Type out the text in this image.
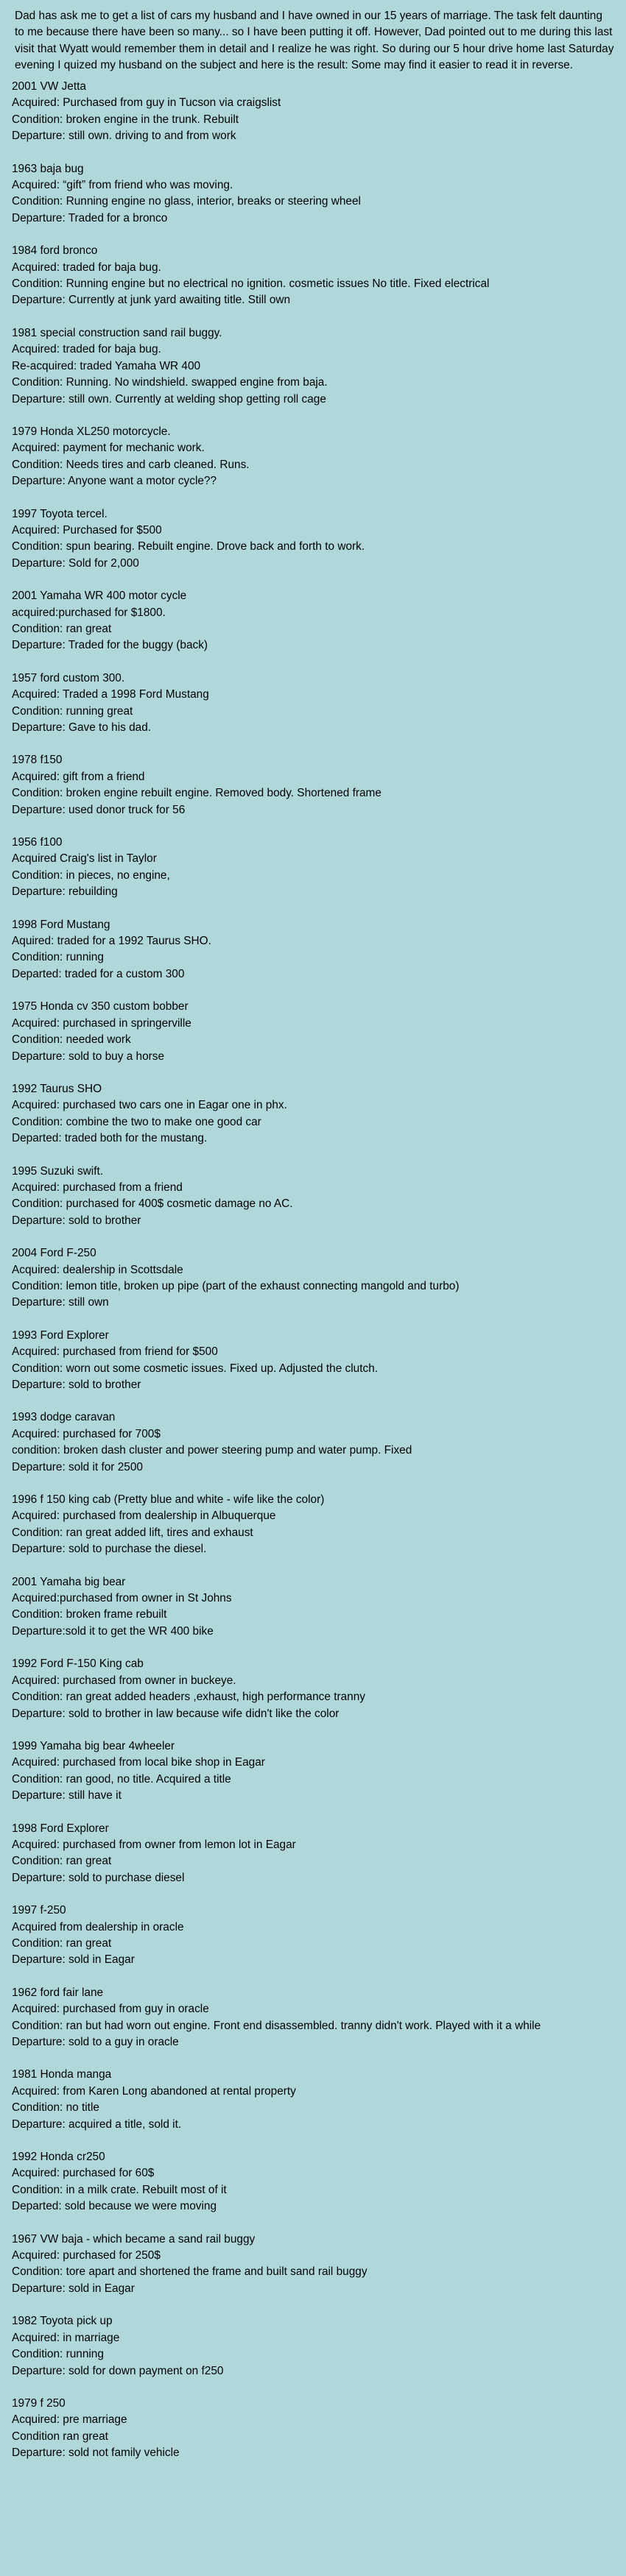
Dad has ask me to get a list of cars my husband and I have owned in our 15 years of marriage. The task felt daunting to me because there have been so many... so I have been putting it off. However, Dad pointed out to me during this last visit that Wyatt would remember them in detail and I realize he was right. So during our 5 hour drive home last Saturday evening I quized my husband on the subject and here is the result: Some may find it easier to read it in reverse.

2001 VW Jetta
Acquired: Purchased from guy in Tucson via craigslist
Condition: broken engine in the trunk. Rebuilt
Departure: still own. driving to and from work
1963 baja bug
Acquired: “gift” from friend who was moving.
Condition: Running engine no glass, interior, breaks or steering wheel
Departure: Traded for a bronco
1984 ford bronco
Acquired: traded for baja bug.
Condition: Running engine but no electrical no ignition. cosmetic issues No title. Fixed electrical
Departure: Currently at junk yard awaiting title. Still own
1981 special construction sand rail buggy.
Acquired: traded for baja bug.
Re-acquired: traded Yamaha WR 400
Condition: Running. No windshield. swapped engine from baja.
Departure: still own. Currently at welding shop getting roll cage
1979 Honda XL250 motorcycle.
Acquired: payment for mechanic work.
Condition: Needs tires and carb cleaned. Runs.
Departure: Anyone want a motor cycle??
1997 Toyota tercel.
Acquired: Purchased for $500
Condition: spun bearing. Rebuilt engine. Drove back and forth to work.
Departure: Sold for 2,000
2001 Yamaha WR 400 motor cycle
acquired:purchased for $1800.
Condition: ran great
Departure: Traded for the buggy (back)
1957 ford custom 300.
Acquired: Traded a 1998 Ford Mustang
Condition: running great
Departure: Gave to his dad.
1978 f150
Acquired: gift from a friend
Condition: broken engine rebuilt engine. Removed body. Shortened frame
Departure: used donor truck for 56
1956 f100
Acquired Craig's list in Taylor
Condition: in pieces, no engine,
Departure: rebuilding
1998 Ford Mustang
Aquired: traded for a 1992 Taurus SHO.
Condition: running
Departed: traded for a custom 300
1975 Honda cv 350 custom bobber
Acquired: purchased in springerville
Condition: needed work
Departure: sold to buy a horse
1992 Taurus SHO
Acquired: purchased two cars one in Eagar one in phx.
Condition: combine the two to make one good car
Departed: traded both for the mustang.
1995 Suzuki swift.
Acquired: purchased from a friend
Condition: purchased for 400$ cosmetic damage no AC.
Departure: sold to brother
2004 Ford F-250
Acquired: dealership in Scottsdale
Condition: lemon title, broken up pipe (part of the exhaust connecting mangold and turbo)
Departure: still own
1993 Ford Explorer
Acquired: purchased from friend for $500
Condition: worn out some cosmetic issues. Fixed up. Adjusted the clutch.
Departure: sold to brother
1993 dodge caravan
Acquired: purchased for 700$
condition: broken dash cluster and power steering pump and water pump. Fixed
Departure: sold it for 2500
1996 f 150 king cab (Pretty blue and white - wife like the color)
Acquired: purchased from dealership in Albuquerque
Condition: ran great added lift, tires and exhaust
Departure: sold to purchase the diesel.
2001 Yamaha big bear
Acquired:purchased from owner in St Johns
Condition: broken frame rebuilt
Departure:sold it to get the WR 400 bike
1992 Ford F-150 King cab
Acquired: purchased from owner in buckeye.
Condition: ran great added headers ,exhaust, high performance tranny
Departure: sold to brother in law because wife didn't like the color
1999 Yamaha big bear 4wheeler
Acquired: purchased from local bike shop in Eagar
Condition: ran good, no title. Acquired a title
Departure: still have it
1998 Ford Explorer
Acquired: purchased from owner from lemon lot in Eagar
Condition: ran great
Departure: sold to purchase diesel
1997 f-250
Acquired from dealership in oracle
Condition: ran great
Departure: sold in Eagar
1962 ford fair lane
Acquired: purchased from guy in oracle
Condition: ran but had worn out engine. Front end disassembled. tranny didn't work. Played with it a while
Departure: sold to a guy in oracle
1981 Honda manga
Acquired: from Karen Long abandoned at rental property
Condition: no title
Departure: acquired a title, sold it.
1992 Honda cr250
Acquired: purchased for 60$
Condition: in a milk crate. Rebuilt most of it
Departed: sold because we were moving
1967 VW baja - which became a sand rail buggy
Acquired: purchased for 250$
Condition: tore apart and shortened the frame and built sand rail buggy
Departure: sold in Eagar
1982 Toyota pick up
Acquired: in marriage
Condition: running
Departure: sold for down payment on f250
1979 f 250
Acquired: pre marriage
Condition ran great
Departure: sold not family vehicle
